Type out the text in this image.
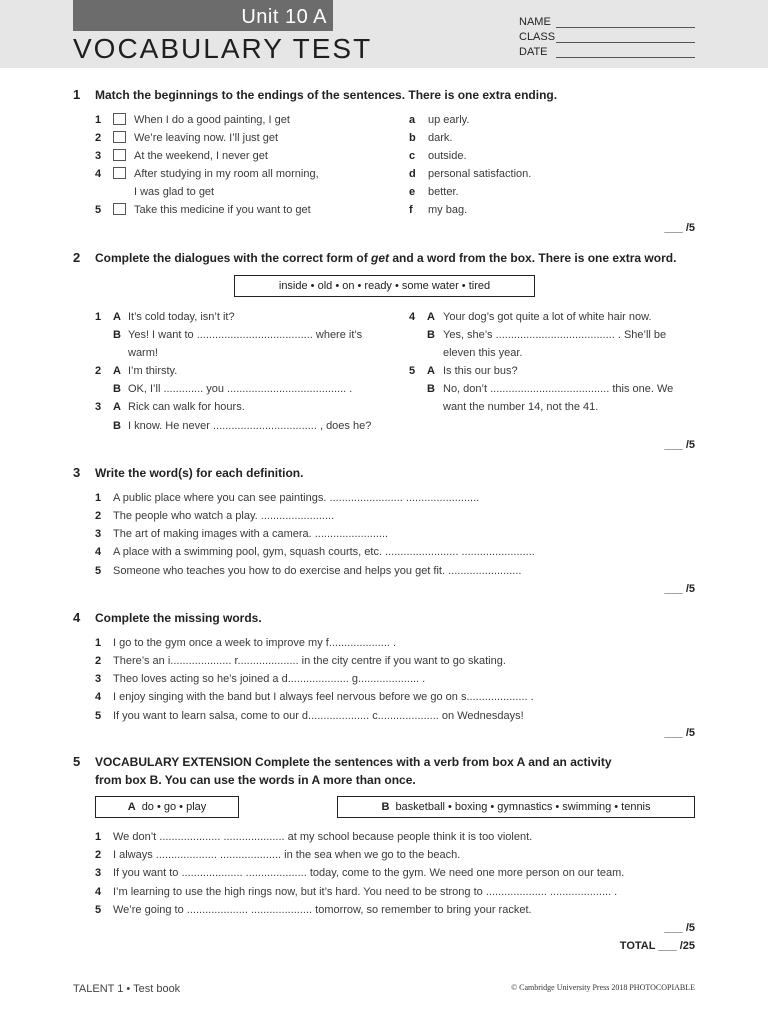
Unit 10 A
VOCABULARY TEST
NAME
CLASS
DATE
1 Match the beginnings to the endings of the sentences. There is one extra ending.
1	When I do a good painting, I get
2	We’re leaving now. I’ll just get
3	At the weekend, I never get
4	After studying in my room all morning,
I was glad to get
5	Take this medicine if you want to get
a up early.
b dark.
c outside.
d personal satisfaction.
e better.
f my bag.
___ /5
2 Complete the dialogues with the correct form of get and a word from the box. There is one extra word.
inside • old • on • ready • some water • tired
1 A It’s cold today, isn’t it?
B Yes! I want to ...................................... where it’s
warm!
2 A I’m thirsty.
B OK, I’ll ............. you ....................................... .
3 A Rick can walk for hours.
B I know. He never .................................. , does he?
4 A Your dog’s got quite a lot of white hair now.
B Yes, she’s ....................................... . She’ll be
eleven this year.
5 A Is this our bus?
B No, don’t ....................................... this one. We
want the number 14, not the 41.
___ /5
3 Write the word(s) for each definition.
1 A public place where you can see paintings. ........................ ........................
2 The people who watch a play. ........................
3 The art of making images with a camera. ........................
4 A place with a swimming pool, gym, squash courts, etc. ........................ ........................
5 Someone who teaches you how to do exercise and helps you get fit. ........................
___ /5
4 Complete the missing words.
1 I go to the gym once a week to improve my f.................... .
2 There’s an i.................... r.................... in the city centre if you want to go skating.
3 Theo loves acting so he’s joined a d.................... g.................... .
4 I enjoy singing with the band but I always feel nervous before we go on s.................... .
5 If you want to learn salsa, come to our d.................... c.................... on Wednesdays!
___ /5
5 VOCABULARY EXTENSION Complete the sentences with a verb from box A and an activity
from box B. You can use the words in A more than once.
A do • go • play	B basketball • boxing • gymnastics • swimming • tennis
1 We don’t .................... .................... at my school because people think it is too violent.
2 I always .................... .................... in the sea when we go to the beach.
3 If you want to .................... .................... today, come to the gym. We need one more person on our team.
4 I’m learning to use the high rings now, but it’s hard. You need to be strong to .................... .................... .
5 We’re going to .................... .................... tomorrow, so remember to bring your racket.
___ /5
TOTAL ___ /25
TALENT 1 • Test book	© Cambridge University Press 2018 PHOTOCOPIABLE
